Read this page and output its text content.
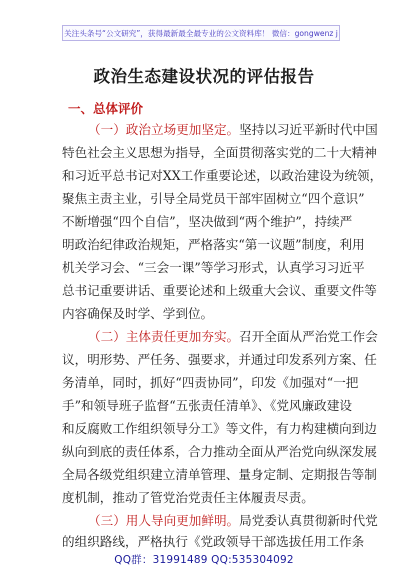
关注头条号“公文研究”，获得最新最全最专业的公文资料库！ 微信：gongwenz j
政治生态建设状况的评估报告
一、总体评价
（一）政治立场更加坚定。坚持以习近平新时代中国
特色社会主义思想为指导，全面贯彻落实党的二十大精神
和习近平总书记对XX工作重要论述，以政治建设为统领，
聚焦主责主业，引导全局党员干部牢固树立“四个意识”
不断增强“四个自信”，坚决做到“两个维护”，持续严
明政治纪律政治规矩，严格落实“第一议题”制度，利用
机关学习会、“三会一课”等学习形式，认真学习习近平
总书记重要讲话、重要论述和上级重大会议、重要文件等
内容确保及时学、学到位。
（二）主体责任更加夯实。召开全面从严治党工作会
议，明形势、严任务、强要求，并通过印发系列方案、任
务清单，同时，抓好“四责协同”，印发《加强对“一把
手”和领导班子监督“五张责任清单》、《党风廉政建设
和反腐败工作组织领导分工》等文件，有力构建横向到边
纵向到底的责任体系，合力推动全面从严治党向纵深发展
全局各级党组织建立清单管理、量身定制、定期报告等制
度机制，推动了管党治党责任主体履责尽责。
（三）用人导向更加鲜明。局党委认真贯彻新时代党
的组织路线，严格执行《党政领导干部选拔任用工作条
QQ群：31991489 QQ:535304092
